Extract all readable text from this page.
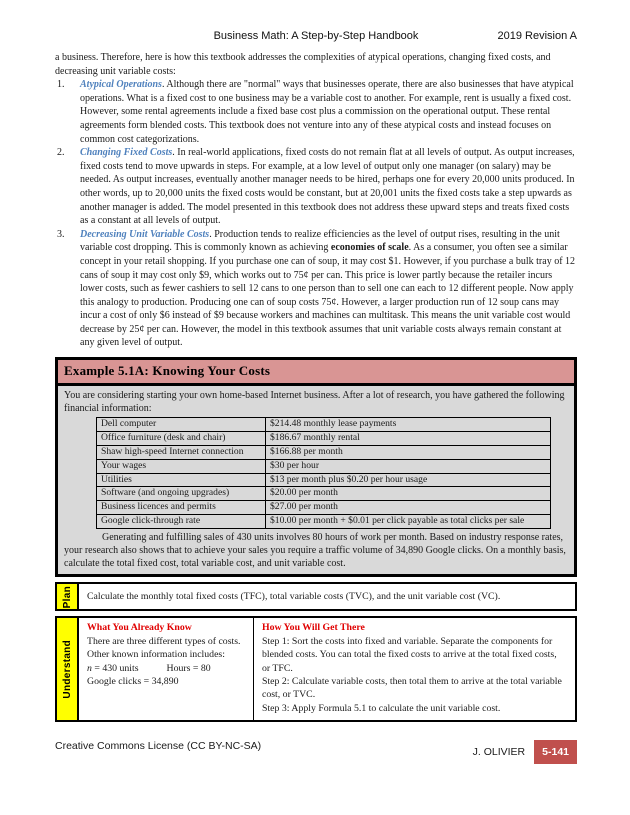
Business Math: A Step-by-Step Handbook	2019 Revision A
a business. Therefore, here is how this textbook addresses the complexities of atypical operations, changing fixed costs, and decreasing unit variable costs:
1. Atypical Operations. Although there are "normal" ways that businesses operate, there are also businesses that have atypical operations. What is a fixed cost to one business may be a variable cost to another. For example, rent is usually a fixed cost. However, some rental agreements include a fixed base cost plus a commission on the operational output. These rental agreements form blended costs. This textbook does not venture into any of these atypical costs and instead focuses on common cost categorizations.
2. Changing Fixed Costs. In real-world applications, fixed costs do not remain flat at all levels of output. As output increases, fixed costs tend to move upwards in steps. For example, at a low level of output only one manager (on salary) may be needed. As output increases, eventually another manager needs to be hired, perhaps one for every 20,000 units produced. In other words, up to 20,000 units the fixed costs would be constant, but at 20,001 units the fixed costs take a step upwards as another manager is added. The model presented in this textbook does not address these upward steps and treats fixed costs as a constant at all levels of output.
3. Decreasing Unit Variable Costs. Production tends to realize efficiencies as the level of output rises, resulting in the unit variable cost dropping. This is commonly known as achieving economies of scale. As a consumer, you often see a similar concept in your retail shopping. If you purchase one can of soup, it may cost $1. However, if you purchase a bulk tray of 12 cans of soup it may cost only $9, which works out to 75¢ per can. This price is lower partly because the retailer incurs lower costs, such as fewer cashiers to sell 12 cans to one person than to sell one can each to 12 different people. Now apply this analogy to production. Producing one can of soup costs 75¢. However, a larger production run of 12 soup cans may incur a cost of only $6 instead of $9 because workers and machines can multitask. This means the unit variable cost would decrease by 25¢ per can. However, the model in this textbook assumes that unit variable costs always remain constant at any given level of output.
Example 5.1A: Knowing Your Costs
You are considering starting your own home-based Internet business. After a lot of research, you have gathered the following financial information:
Dell computer	$214.48 monthly lease payments
Office furniture (desk and chair)	$186.67 monthly rental
Shaw high-speed Internet connection	$166.88 per month
Your wages	$30 per hour
Utilities	$13 per month plus $0.20 per hour usage
Software (and ongoing upgrades)	$20.00 per month
Business licences and permits	$27.00 per month
Google click-through rate	$10.00 per month + $0.01 per click payable as total clicks per sale
Generating and fulfilling sales of 430 units involves 80 hours of work per month. Based on industry response rates, your research also shows that to achieve your sales you require a traffic volume of 34,890 Google clicks. On a monthly basis, calculate the total fixed cost, total variable cost, and unit variable cost.
Plan Calculate the monthly total fixed costs (TFC), total variable costs (TVC), and the unit variable cost (VC).
Understand
What You Already Know
There are three different types of costs. Other known information includes:
n = 430 units	Hours = 80
Google clicks = 34,890
How You Will Get There
Step 1: Sort the costs into fixed and variable. Separate the components for blended costs. You can total the fixed costs to arrive at the total fixed costs, or TFC.
Step 2: Calculate variable costs, then total them to arrive at the total variable cost, or TVC.
Step 3: Apply Formula 5.1 to calculate the unit variable cost.
Creative Commons License (CC BY-NC-SA)	J. OLIVIER	5-141
